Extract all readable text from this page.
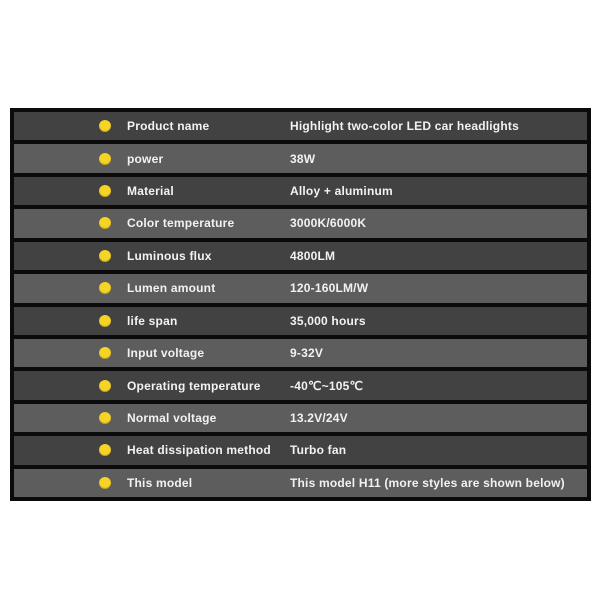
Product name	Highlight two-color LED car headlights
power	38W
Material	Alloy + aluminum
Color temperature	3000K/6000K
Luminous flux	4800LM
Lumen amount	120-160LM/W
life span	35,000 hours
Input voltage	9-32V
Operating temperature	-40℃~105℃
Normal voltage	13.2V/24V
Heat dissipation method	Turbo fan
This model	This model H11 (more styles are shown below)
